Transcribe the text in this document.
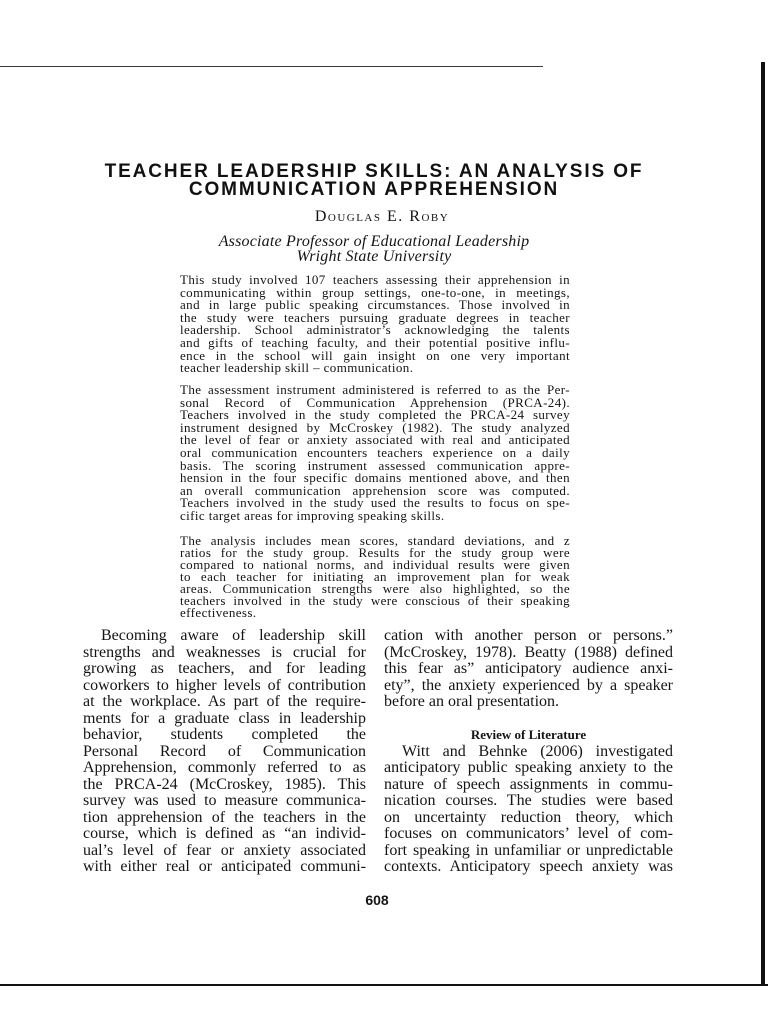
TEACHER LEADERSHIP SKILLS: AN ANALYSIS OF
COMMUNICATION APPREHENSION
Douglas E. Roby
Associate Professor of Educational Leadership
Wright State University
This study involved 107 teachers assessing their apprehension in
communicating within group settings, one-to-one, in meetings,
and in large public speaking circumstances. Those involved in
the study were teachers pursuing graduate degrees in teacher
leadership. School administrator’s acknowledging the talents
and gifts of teaching faculty, and their potential positive influ-
ence in the school will gain insight on one very important
teacher leadership skill – communication.
The assessment instrument administered is referred to as the Per-
sonal Record of Communication Apprehension (PRCA-24).
Teachers involved in the study completed the PRCA-24 survey
instrument designed by McCroskey (1982). The study analyzed
the level of fear or anxiety associated with real and anticipated
oral communication encounters teachers experience on a daily
basis. The scoring instrument assessed communication appre-
hension in the four specific domains mentioned above, and then
an overall communication apprehension score was computed.
Teachers involved in the study used the results to focus on spe-
cific target areas for improving speaking skills.
The analysis includes mean scores, standard deviations, and z
ratios for the study group. Results for the study group were
compared to national norms, and individual results were given
to each teacher for initiating an improvement plan for weak
areas. Communication strengths were also highlighted, so the
teachers involved in the study were conscious of their speaking
effectiveness.
Becoming aware of leadership skill
strengths and weaknesses is crucial for
growing as teachers, and for leading
coworkers to higher levels of contribution
at the workplace. As part of the require-
ments for a graduate class in leadership
behavior, students completed the
Personal Record of Communication
Apprehension, commonly referred to as
the PRCA-24 (McCroskey, 1985). This
survey was used to measure communica-
tion apprehension of the teachers in the
course, which is defined as “an individ-
ual’s level of fear or anxiety associated
with either real or anticipated communi-
cation with another person or persons.”
(McCroskey, 1978). Beatty (1988) defined
this fear as” anticipatory audience anxi-
ety”, the anxiety experienced by a speaker
before an oral presentation.
Review of Literature
Witt and Behnke (2006) investigated
anticipatory public speaking anxiety to the
nature of speech assignments in commu-
nication courses. The studies were based
on uncertainty reduction theory, which
focuses on communicators’ level of com-
fort speaking in unfamiliar or unpredictable
contexts. Anticipatory speech anxiety was
608
